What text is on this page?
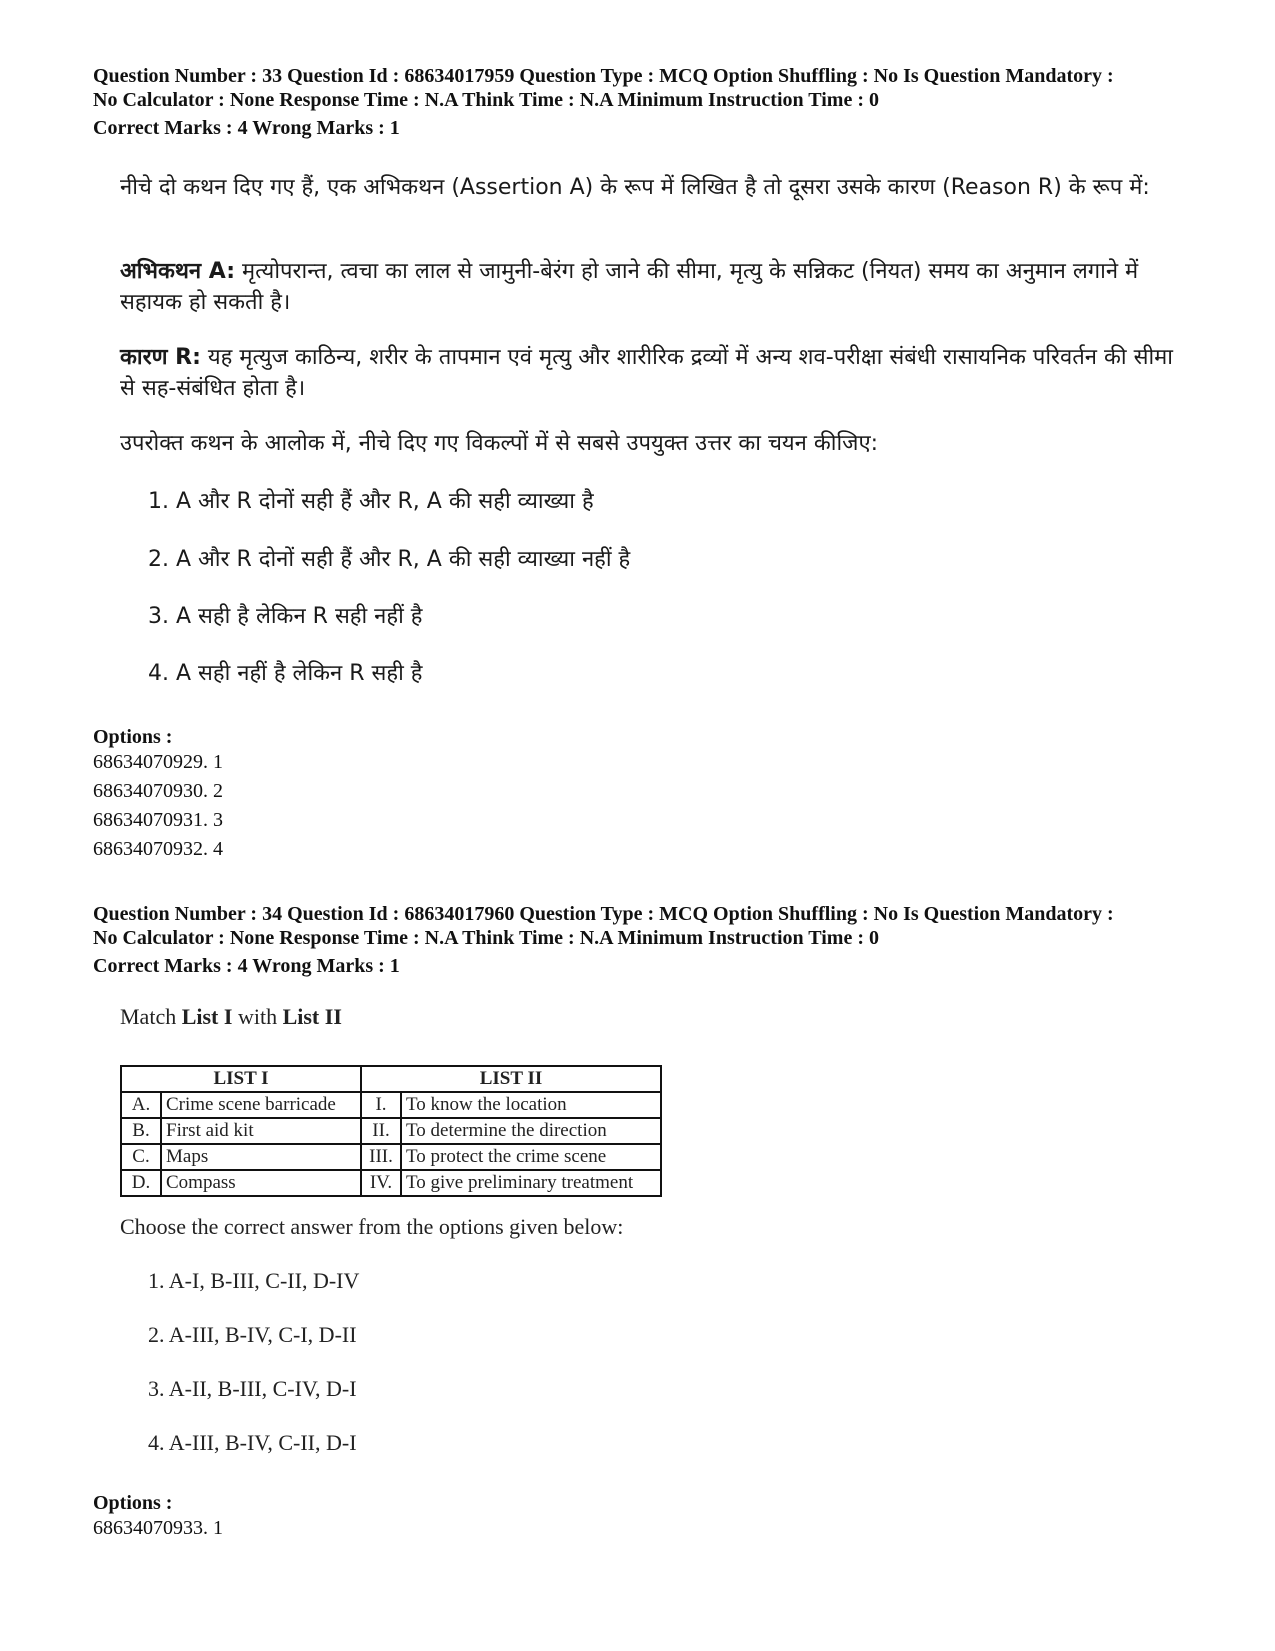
Question Number : 33 Question Id : 68634017959 Question Type : MCQ Option Shuffling : No Is Question Mandatory :
No Calculator : None Response Time : N.A Think Time : N.A Minimum Instruction Time : 0
Correct Marks : 4 Wrong Marks : 1
नीचे दो कथन दिए गए हैं, एक अभिकथन (Assertion A) के रूप में लिखित है तो दूसरा उसके कारण (Reason R) के रूप में:
अभिकथन A: मृत्योपरान्त, त्वचा का लाल से जामुनी-बेरंग हो जाने की सीमा, मृत्यु के सन्निकट (नियत) समय का अनुमान लगाने में सहायक हो सकती है।
कारण R: यह मृत्युज काठिन्य, शरीर के तापमान एवं मृत्यु और शारीरिक द्रव्यों में अन्य शव-परीक्षा संबंधी रासायनिक परिवर्तन की सीमा से सह-संबंधित होता है।
उपरोक्त कथन के आलोक में, नीचे दिए गए विकल्पों में से सबसे उपयुक्त उत्तर का चयन कीजिए:
1. A और R दोनों सही हैं और R, A की सही व्याख्या है
2. A और R दोनों सही हैं और R, A की सही व्याख्या नहीं है
3. A सही है लेकिन R सही नहीं है
4. A सही नहीं है लेकिन R सही है
Options :
68634070929. 1
68634070930. 2
68634070931. 3
68634070932. 4
Question Number : 34 Question Id : 68634017960 Question Type : MCQ Option Shuffling : No Is Question Mandatory :
No Calculator : None Response Time : N.A Think Time : N.A Minimum Instruction Time : 0
Correct Marks : 4 Wrong Marks : 1
Match List I with List II
LIST I		LIST II	
A.	Crime scene barricade	I.	To know the location
B.	First aid kit	II.	To determine the direction
C.	Maps	III.	To protect the crime scene
D.	Compass	IV.	To give preliminary treatment
Choose the correct answer from the options given below:
1. A-I, B-III, C-II, D-IV
2. A-III, B-IV, C-I, D-II
3. A-II, B-III, C-IV, D-I
4. A-III, B-IV, C-II, D-I
Options :
68634070933. 1
